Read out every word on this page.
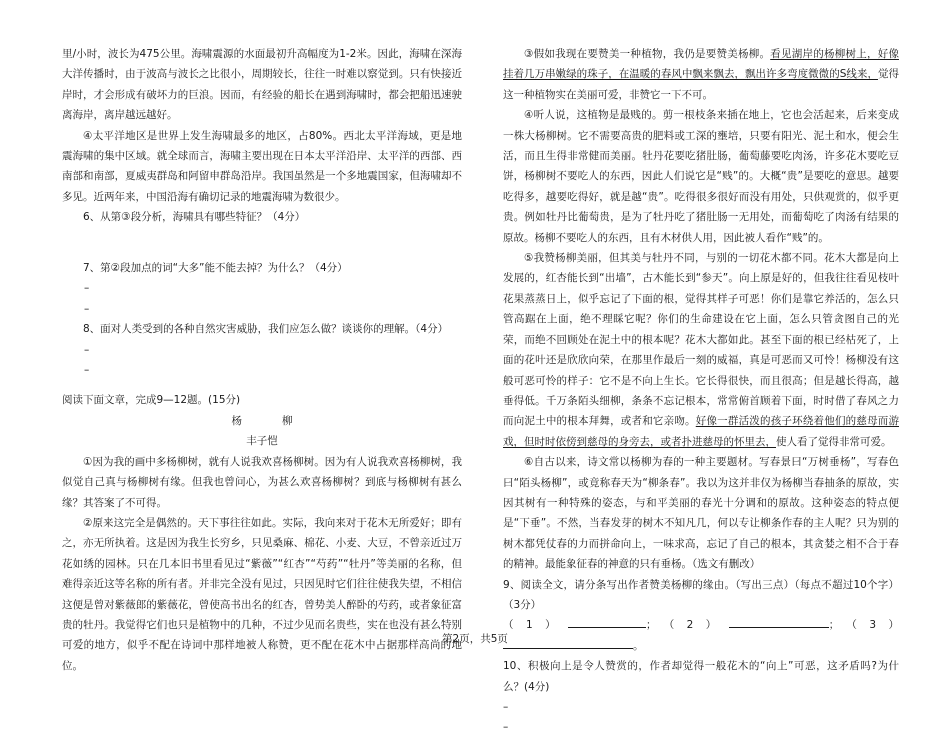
里/小时，波长为475公里。海啸震源的水面最初升高幅度为1-2米。因此，海啸在深海大洋传播时，由于波高与波长之比很小，周期较长，往往一时难以察觉到。只有快接近岸时，才会形成有破坏力的巨浪。因而，有经验的船长在遇到海啸时，都会把船迅速驶离海岸，离岸越远越好。

④太平洋地区是世界上发生海啸最多的地区，占80%。西北太平洋海域，更是地震海啸的集中区域。就全球而言，海啸主要出现在日本太平洋沿岸、太平洋的西部、西南部和南部，夏威夷群岛和阿留申群岛沿岸。我国虽然是一个多地震国家，但海啸却不多见。近两年来，中国沿海有确切记录的地震海啸为数很少。

6、从第③段分析，海啸具有哪些特征？（4分）

7、第②段加点的词“大多”能不能去掉？为什么？（4分）

–

–

8、面对人类受到的各种自然灾害威胁，我们应怎么做？谈谈你的理解。（4分）

–

–

阅读下面文章，完成9—12题。(15分)

杨	柳

丰子恺

①因为我的画中多杨柳树，就有人说我欢喜杨柳树。因为有人说我欢喜杨柳树，我似觉自己真与杨柳树有缘。但我也曾问心，为甚么欢喜杨柳树？到底与杨柳树有甚么缘？其答案了不可得。

②原来这完全是偶然的。天下事往往如此。实际，我向来对于花木无所爱好；即有之，亦无所执着。这是因为我生长穷乡，只见桑麻、棉花、小麦、大豆，不曾亲近过万花如绣的园林。只在几本旧书里看见过“紫薇”“红杏”“芍药”“牡丹”等美丽的名称，但难得亲近这等名称的所有者。并非完全没有见过，只因见时它们往往使我失望，不相信这便是曾对紫薇郎的紫薇花，曾使高书出名的红杏，曾势美人醉卧的芍药，或者象征富贵的牡丹。我觉得它们也只是植物中的几种，不过少见而名贵些，实在也没有甚么特别可爱的地方，似乎不配在诗词中那样地被人称赞，更不配在花木中占据那样高尚的地位。

③假如我现在要赞美一种植物，我仍是要赞美杨柳。看见湖岸的杨柳树上，好像挂着几万串嫩绿的珠子，在温暖的春风中飘来飘去，飘出许多弯度微微的S线来，觉得这一种植物实在美丽可爱，非赞它一下不可。

④听人说，这植物是最贱的。剪一根枝条来插在地上，它也会活起来，后来变成一株大杨柳树。它不需要高贵的肥料或工深的壅培，只要有阳光、泥土和水，便会生活，而且生得非常健而美丽。牡丹花要吃猪肚肠，葡萄藤要吃肉汤，许多花木要吃豆饼，杨柳树不要吃人的东西，因此人们说它是“贱”的。大概“贵”是要吃的意思。越要吃得多，越要吃得好，就是越“贵”。吃得很多很好而没有用处，只供观赏的，似乎更贵。例如牡丹比葡萄贵，是为了牡丹吃了猪肚肠一无用处，而葡萄吃了肉汤有结果的原故。杨柳不要吃人的东西，且有木材供人用，因此被人看作“贱”的。

⑤我赞杨柳美丽，但其美与牡丹不同，与别的一切花木都不同。花木大都是向上发展的，红杏能长到“出墙”，古木能长到“参天”。向上原是好的，但我往往看见枝叶花果蒸蒸日上，似乎忘记了下面的根，觉得其样子可恶！你们是靠它养活的，怎么只管高踞在上面，绝不理睬它呢？你们的生命建设在它上面，怎么只管贪图自己的光荣，而绝不回顾处在泥土中的根本呢？花木大都如此。甚至下面的根已经枯死了，上面的花叶还是欣欣向荣，在那里作最后一刻的威福，真是可恶而又可怜！杨柳没有这般可恶可怜的样子：它不是不向上生长。它长得很快，而且很高；但是越长得高，越垂得低。千万条陌头细柳，条条不忘记根本，常常俯首顾着下面，时时借了春风之力而向泥土中的根本拜舞，或者和它亲吻。好像一群活泼的孩子环绕着他们的慈母而游戏，但时时依傍到慈母的身旁去，或者扑进慈母的怀里去，使人看了觉得非常可爱。

⑥自古以来，诗文常以杨柳为春的一种主要题材。写春景曰“万树垂杨”，写春色曰“陌头杨柳”，或竟称春天为“柳条春”。我以为这并非仅为杨柳当春抽条的原故，实因其树有一种特殊的姿态，与和平美丽的春光十分调和的原故。这种姿态的特点便是“下垂”。不然，当春发芽的树木不知凡几，何以专让柳条作春的主人呢？只为别的树木都凭仗春的力而拼命向上，一味求高，忘记了自己的根本，其贪婪之相不合于春的精神。最能象征春的神意的只有垂杨。（选文有删改）

9、阅读全文，请分条写出作者赞美杨柳的缘由。（写出三点）（每点不超过10个字）（3分）

（1）	；（2）	；（3）。

10、积极向上是令人赞赏的，作者却觉得一般花木的“向上”可恶，这矛盾吗?为什么？(4分)

–

–

第2页，共5页
